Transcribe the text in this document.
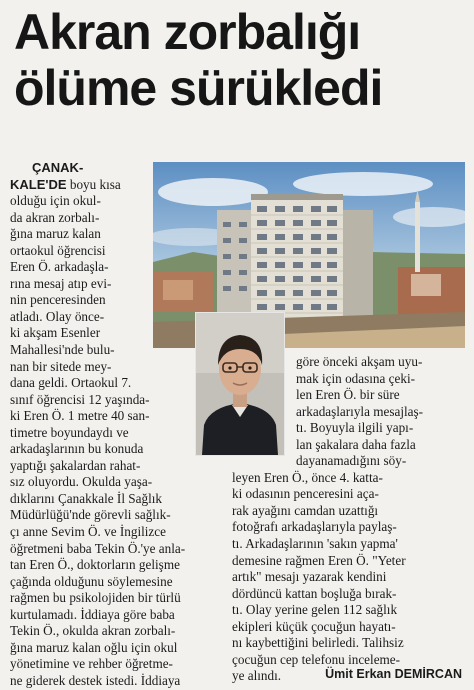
Akran zorbalığı
ölüme sürükledi

ÇANAK-
KALE'DE boyu kısa
olduğu için okul-
da akran zorbalı-
ğına maruz kalan
ortaokul öğrencisi
Eren Ö. arkadaşla-
rına mesaj atıp evi-
nin penceresinden
atladı. Olay önce-
ki akşam Esenler
Mahallesi'nde bulu-
nan bir sitede mey-
dana geldi. Ortaokul 7.
sınıf öğrencisi 12 yaşında-
ki Eren Ö. 1 metre 40 san-
timetre boyundaydı ve
arkadaşlarının bu konuda
yaptığı şakalardan rahat-
sız oluyordu. Okulda yaşa-
dıklarını Çanakkale İl Sağlık
Müdürlüğü'nde görevli sağlık-
çı anne Sevim Ö. ve İngilizce
öğretmeni baba Tekin Ö.'ye anla-
tan Eren Ö., doktorların gelişme
çağında olduğunu söylemesine
rağmen bu psikolojiden bir türlü
kurtulamadı. İddiaya göre baba
Tekin Ö., okulda akran zorbalı-
ğına maruz kalan oğlu için okul
yönetimine ve rehber öğretme-
ne giderek destek istedi. İddiaya

göre önceki akşam uyu-
mak için odasına çeki-
len Eren Ö. bir süre
arkadaşlarıyla mesajlaş-
tı. Boyuyla ilgili yapı-
lan şakalara daha fazla
dayanamadığını söy-
leyen Eren Ö., önce 4. katta-
ki odasının penceresini aça-
rak ayağını camdan uzattığı
fotoğrafı arkadaşlarıyla paylaş-
tı. Arkadaşlarının 'sakın yapma'
demesine rağmen Eren Ö. "Yeter
artık" mesajı yazarak kendini
dördüncü kattan boşluğa bırak-
tı. Olay yerine gelen 112 sağlık
ekipleri küçük çocuğun hayatı-
nı kaybettiğini belirledi. Talihsiz
çocuğun cep telefonu inceleme-
ye alındı.	Ümit Erkan DEMİRCAN
